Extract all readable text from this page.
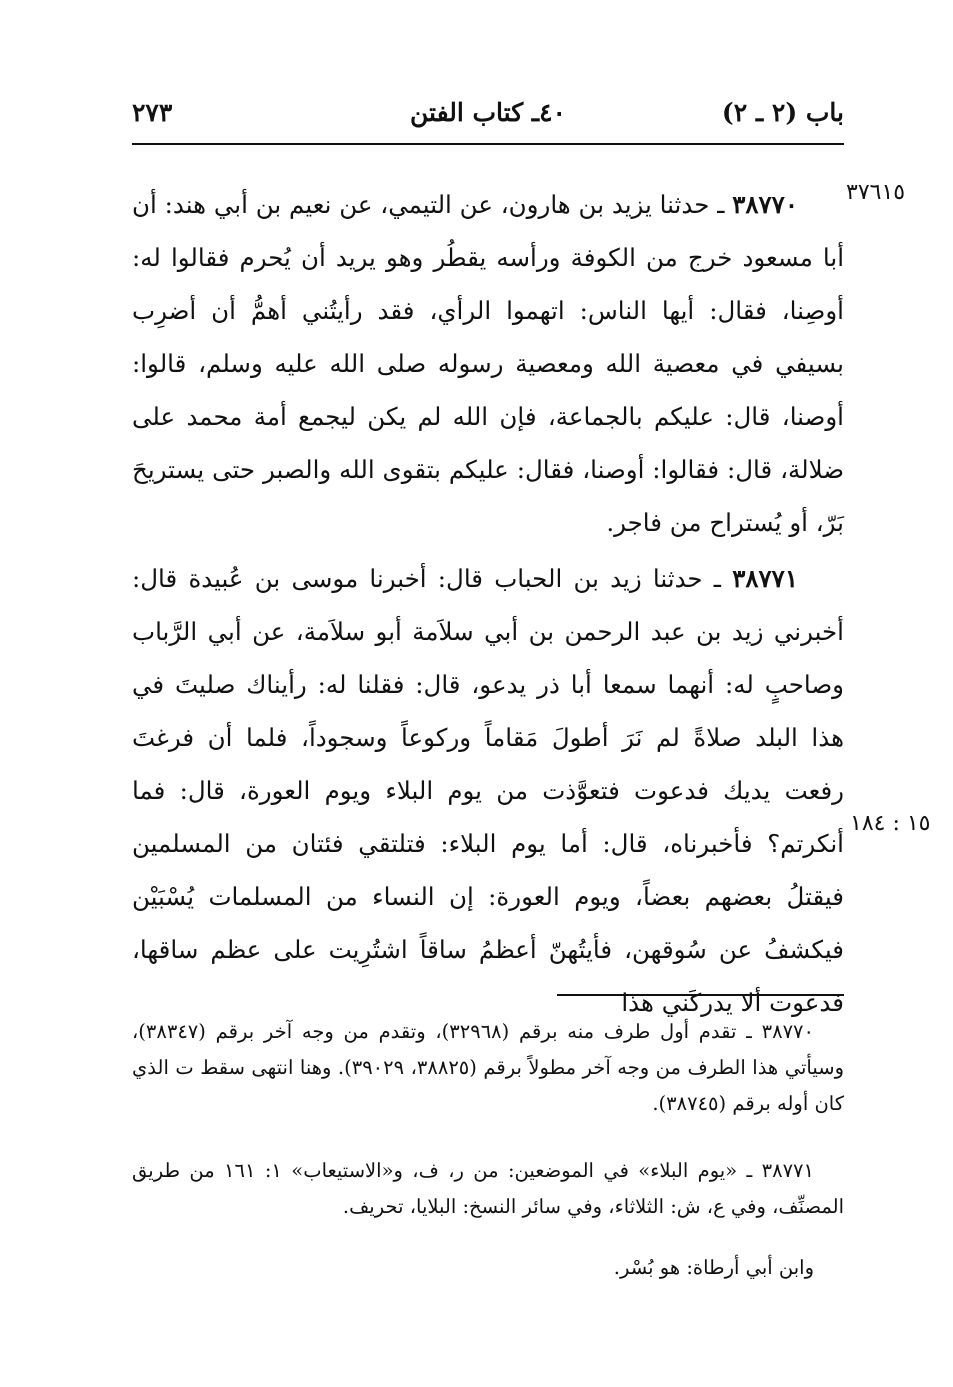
باب (٢ ـ ٢)
٤٠ـ كتاب الفتن
٢٧٣
٣٧٦١٥
١٥ : ١٨٤
٣٨٧٧٠ ـ حدثنا يزيد بن هارون، عن التيمي، عن نعيم بن أبي هند: أن أبا مسعود خرج من الكوفة ورأسه يقطُر وهو يريد أن يُحرم فقالوا له: أوصِنا، فقال: أيها الناس: اتهموا الرأي، فقد رأيتُني أهمُّ أن أضرِب بسيفي في معصية الله ومعصية رسوله صلى الله عليه وسلم، قالوا: أوصنا، قال: عليكم بالجماعة، فإن الله لم يكن ليجمع أمة محمد على ضلالة، قال: فقالوا: أوصنا، فقال: عليكم بتقوى الله والصبر حتى يستريحَ بَرّ، أو يُستراح من فاجر.
٣٨٧٧١ ـ حدثنا زيد بن الحباب قال: أخبرنا موسى بن عُبيدة قال: أخبرني زيد بن عبد الرحمن بن أبي سلاَمة أبو سلاَمة، عن أبي الرَّباب وصاحبٍ له: أنهما سمعا أبا ذر يدعو، قال: فقلنا له: رأيناك صليتَ في هذا البلد صلاةً لم نَرَ أطولَ مَقاماً وركوعاً وسجوداً، فلما أن فرغتَ رفعت يديك فدعوت فتعوَّذت من يوم البلاء ويوم العورة، قال: فما أنكرتم؟ فأخبرناه، قال: أما يوم البلاء: فتلتقي فئتان من المسلمين فيقتلُ بعضهم بعضاً، ويوم العورة: إن النساء من المسلمات يُسْبَيْن فيكشفُ عن سُوقهن، فأيتُهنّ أعظمُ ساقاً اشتُرِيت على عظم ساقها، فدعوت ألا يدركَني هذا
٣٨٧٧٠ ـ تقدم أول طرف منه برقم (٣٢٩٦٨)، وتقدم من وجه آخر برقم (٣٨٣٤٧)، وسيأتي هذا الطرف من وجه آخر مطولاً برقم (٣٨٨٢٥، ٣٩٠٢٩). وهنا انتهى سقط ت الذي كان أوله برقم (٣٨٧٤٥).
٣٨٧٧١ ـ «يوم البلاء» في الموضعين: من ر، ف، و«الاستيعاب» ١: ١٦١ من طريق المصنِّف، وفي ع، ش: الثلاثاء، وفي سائر النسخ: البلايا، تحريف.
وابن أبي أرطاة: هو بُسْر.
